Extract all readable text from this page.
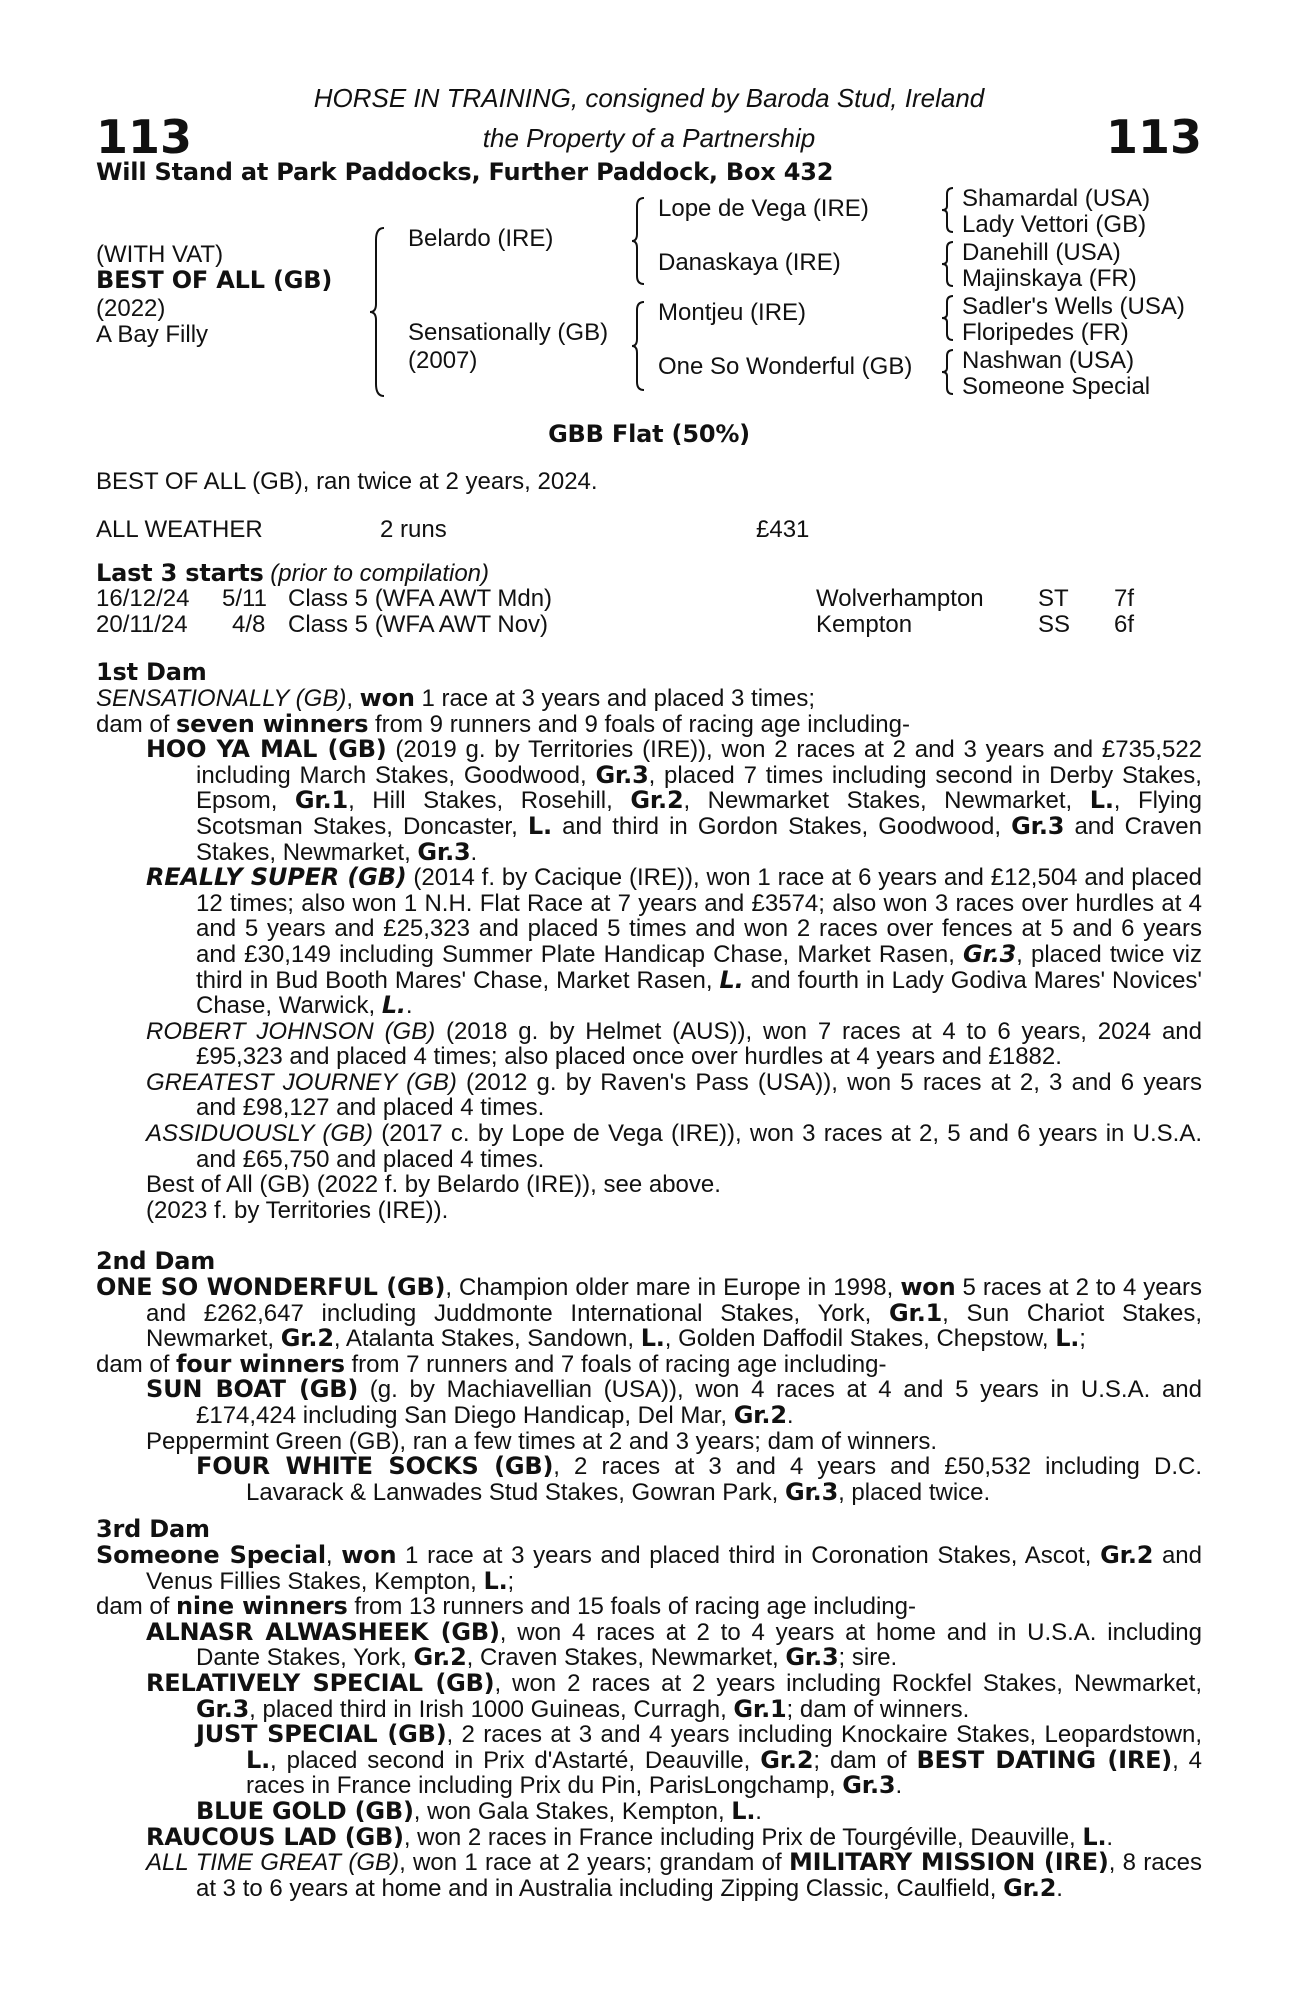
113	113
HORSE IN TRAINING, consigned by Baroda Stud, Ireland
the Property of a Partnership
Will Stand at Park Paddocks, Further Paddock, Box 432
(WITH VAT)
BEST OF ALL (GB)
(2022)
A Bay Filly
Belardo (IRE)
Sensationally (GB)
(2007)
Lope de Vega (IRE)
Danaskaya (IRE)
Montjeu (IRE)
One So Wonderful (GB)
Shamardal (USA)
Lady Vettori (GB)
Danehill (USA)
Majinskaya (FR)
Sadler's Wells (USA)
Floripedes (FR)
Nashwan (USA)
Someone Special
GBB Flat (50%)
BEST OF ALL (GB), ran twice at 2 years, 2024.
ALL WEATHER	2 runs	£431
Last 3 starts (prior to compilation)
16/12/24 5/11 Class 5 (WFA AWT Mdn)	Wolverhampton ST 7f
20/11/24 4/8 Class 5 (WFA AWT Nov)	Kempton	SS 6f
1st Dam
SENSATIONALLY (GB), won 1 race at 3 years and placed 3 times;
dam of seven winners from 9 runners and 9 foals of racing age including-
HOO YA MAL (GB) (2019 g. by Territories (IRE)), won 2 races at 2 and 3 years and £735,522 including March Stakes, Goodwood, Gr.3, placed 7 times including second in Derby Stakes, Epsom, Gr.1, Hill Stakes, Rosehill, Gr.2, Newmarket Stakes, Newmarket, L., Flying Scotsman Stakes, Doncaster, L. and third in Gordon Stakes, Goodwood, Gr.3 and Craven Stakes, Newmarket, Gr.3.
REALLY SUPER (GB) (2014 f. by Cacique (IRE)), won 1 race at 6 years and £12,504 and placed 12 times; also won 1 N.H. Flat Race at 7 years and £3574; also won 3 races over hurdles at 4 and 5 years and £25,323 and placed 5 times and won 2 races over fences at 5 and 6 years and £30,149 including Summer Plate Handicap Chase, Market Rasen, Gr.3, placed twice viz third in Bud Booth Mares' Chase, Market Rasen, L. and fourth in Lady Godiva Mares' Novices' Chase, Warwick, L..
ROBERT JOHNSON (GB) (2018 g. by Helmet (AUS)), won 7 races at 4 to 6 years, 2024 and £95,323 and placed 4 times; also placed once over hurdles at 4 years and £1882.
GREATEST JOURNEY (GB) (2012 g. by Raven's Pass (USA)), won 5 races at 2, 3 and 6 years and £98,127 and placed 4 times.
ASSIDUOUSLY (GB) (2017 c. by Lope de Vega (IRE)), won 3 races at 2, 5 and 6 years in U.S.A. and £65,750 and placed 4 times.
Best of All (GB) (2022 f. by Belardo (IRE)), see above.
(2023 f. by Territories (IRE)).
2nd Dam
ONE SO WONDERFUL (GB), Champion older mare in Europe in 1998, won 5 races at 2 to 4 years and £262,647 including Juddmonte International Stakes, York, Gr.1, Sun Chariot Stakes, Newmarket, Gr.2, Atalanta Stakes, Sandown, L., Golden Daffodil Stakes, Chepstow, L.;
dam of four winners from 7 runners and 7 foals of racing age including-
SUN BOAT (GB) (g. by Machiavellian (USA)), won 4 races at 4 and 5 years in U.S.A. and £174,424 including San Diego Handicap, Del Mar, Gr.2.
Peppermint Green (GB), ran a few times at 2 and 3 years; dam of winners.
FOUR WHITE SOCKS (GB), 2 races at 3 and 4 years and £50,532 including D.C. Lavarack & Lanwades Stud Stakes, Gowran Park, Gr.3, placed twice.
3rd Dam
Someone Special, won 1 race at 3 years and placed third in Coronation Stakes, Ascot, Gr.2 and Venus Fillies Stakes, Kempton, L.;
dam of nine winners from 13 runners and 15 foals of racing age including-
ALNASR ALWASHEEK (GB), won 4 races at 2 to 4 years at home and in U.S.A. including Dante Stakes, York, Gr.2, Craven Stakes, Newmarket, Gr.3; sire.
RELATIVELY SPECIAL (GB), won 2 races at 2 years including Rockfel Stakes, Newmarket, Gr.3, placed third in Irish 1000 Guineas, Curragh, Gr.1; dam of winners.
JUST SPECIAL (GB), 2 races at 3 and 4 years including Knockaire Stakes, Leopardstown, L., placed second in Prix d'Astarté, Deauville, Gr.2; dam of BEST DATING (IRE), 4 races in France including Prix du Pin, ParisLongchamp, Gr.3.
BLUE GOLD (GB), won Gala Stakes, Kempton, L..
RAUCOUS LAD (GB), won 2 races in France including Prix de Tourgéville, Deauville, L..
ALL TIME GREAT (GB), won 1 race at 2 years; grandam of MILITARY MISSION (IRE), 8 races at 3 to 6 years at home and in Australia including Zipping Classic, Caulfield, Gr.2.
